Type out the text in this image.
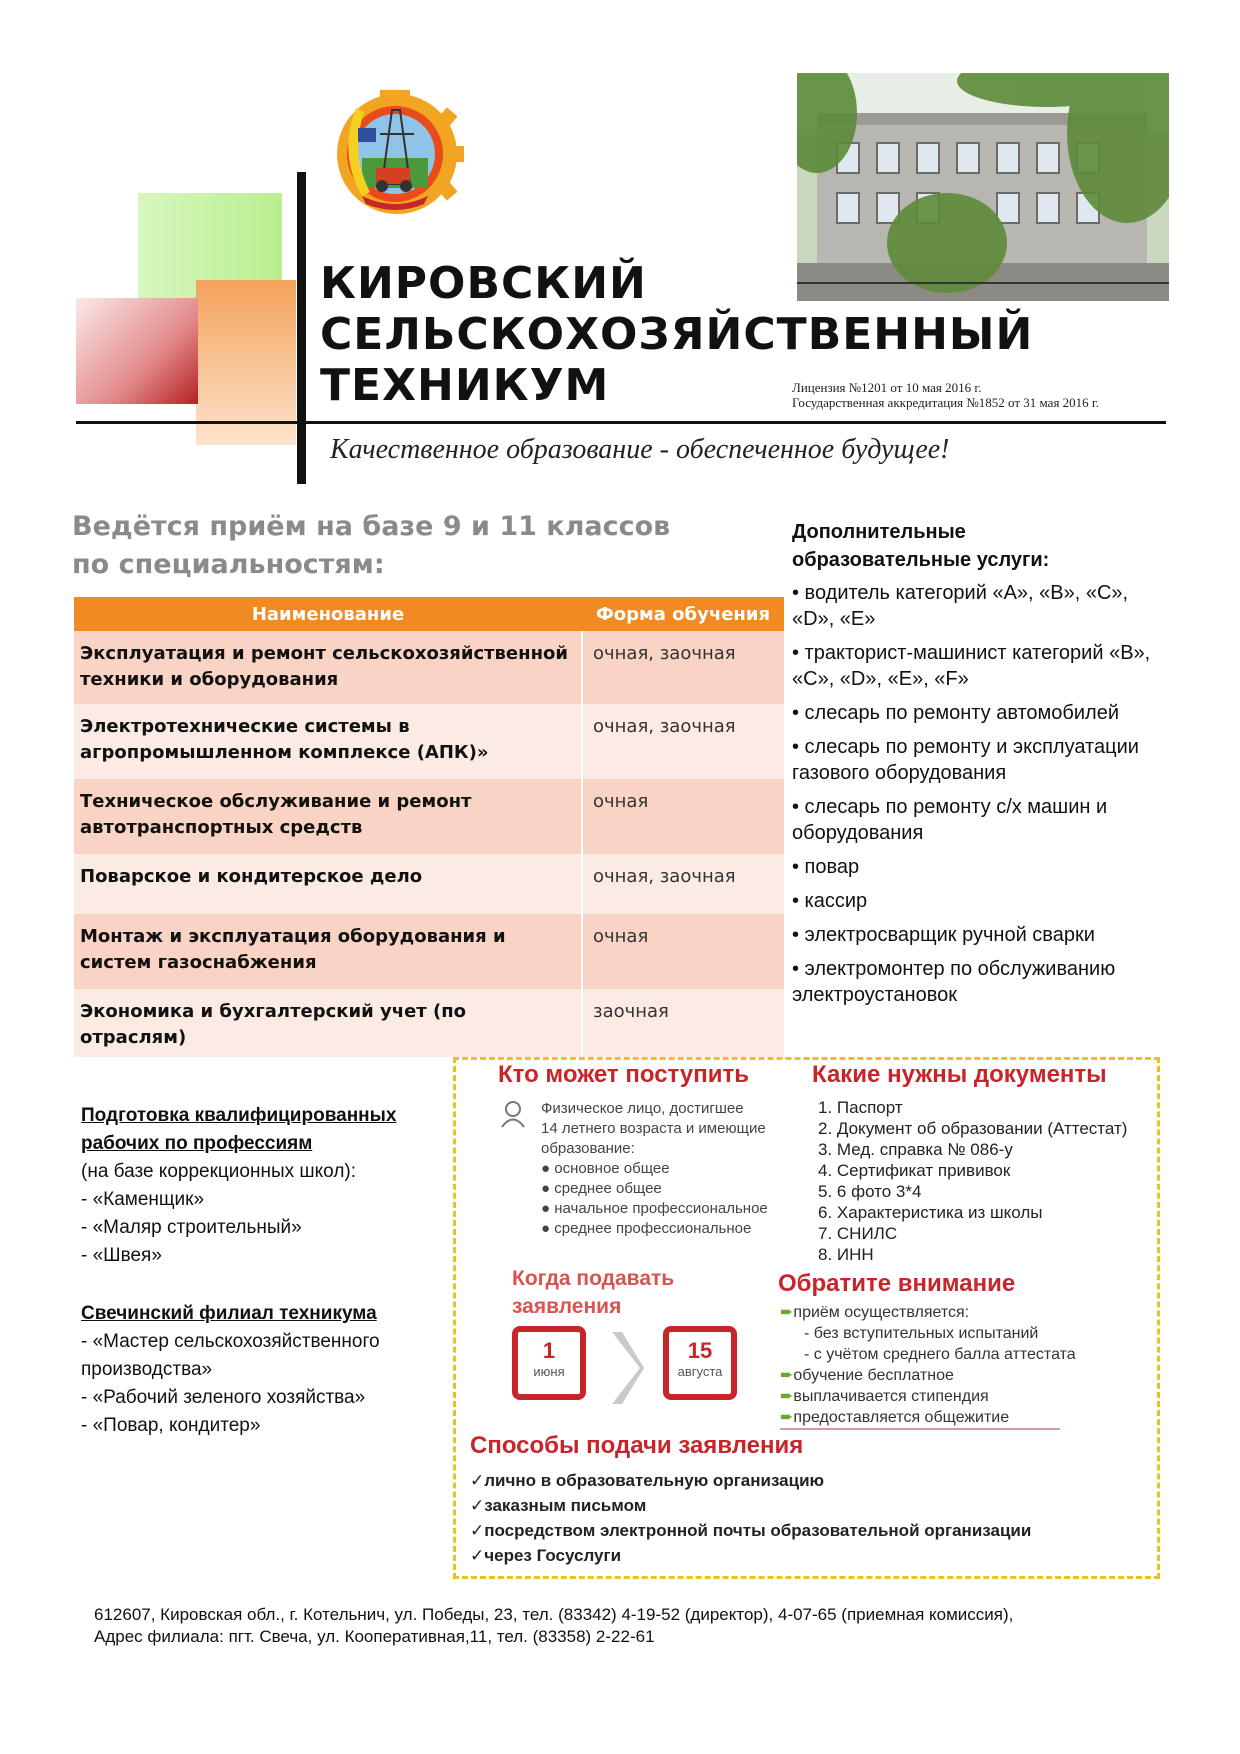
КИРОВСКИЙ
СЕЛЬСКОХОЗЯЙСТВЕННЫЙ
ТЕХНИКУМ	Лицензия №1201 от 10 мая 2016 г.
Государственная аккредитация №1852 от 31 мая 2016 г.
Качественное образование - обеспеченное будущее!
Ведётся приём на базе 9 и 11 классов
по специальностям:
Наименование	Форма обучения
Эксплуатация и ремонт сельскохозяйственной техники и оборудования	очная, заочная
Электротехнические системы в агропромышленном комплексе (АПК)»	очная, заочная
Техническое обслуживание и ремонт автотранспортных средств	очная
Поварское и кондитерское дело	очная, заочная
Монтаж и эксплуатация оборудования и систем газоснабжения	очная
Экономика и бухгалтерский учет (по отраслям)	заочная
Дополнительные
образовательные услуги:
• водитель категорий «А», «В», «С», «D», «Е»
• тракторист-машинист категорий «В», «С», «D», «Е», «F»
• слесарь по ремонту автомобилей
• слесарь по ремонту и эксплуатации газового оборудования
• слесарь по ремонту с/х машин и оборудования
• повар
• кассир
• электросварщик ручной сварки
• электромонтер по обслуживанию электроустановок
Подготовка квалифицированных
рабочих по профессиям
(на базе коррекционных школ):
- «Каменщик»
- «Маляр строительный»
- «Швея»
Свечинский филиал техникума
- «Мастер сельскохозяйственного производства»
- «Рабочий зеленого хозяйства»
- «Повар, кондитер»
Кто может поступить
Физическое лицо, достигшее
14 летнего возраста и имеющие
образование:
● основное общее
● среднее общее
● начальное профессиональное
● среднее профессиональное
Какие нужны документы
1. Паспорт
2. Документ об образовании (Аттестат)
3. Мед. справка № 086-у
4. Сертификат прививок
5. 6 фото 3*4
6. Характеристика из школы
7. СНИЛС
8. ИНН
Когда подавать
заявления
1
июня
15
августа
Обратите внимание
➨приём осуществляется:
- без вступительных испытаний
- с учётом среднего балла аттестата
➨обучение бесплатное
➨выплачивается стипендия
➨предоставляется общежитие
Способы подачи заявления
✓лично в образовательную организацию
✓заказным письмом
✓посредством электронной почты образовательной организации
✓через Госуслуги
612607, Кировская обл., г. Котельнич, ул. Победы, 23, тел. (83342) 4-19-52 (директор), 4-07-65 (приемная комиссия),
Адрес филиала: пгт. Свеча, ул. Кооперативная,11, тел. (83358) 2-22-61
